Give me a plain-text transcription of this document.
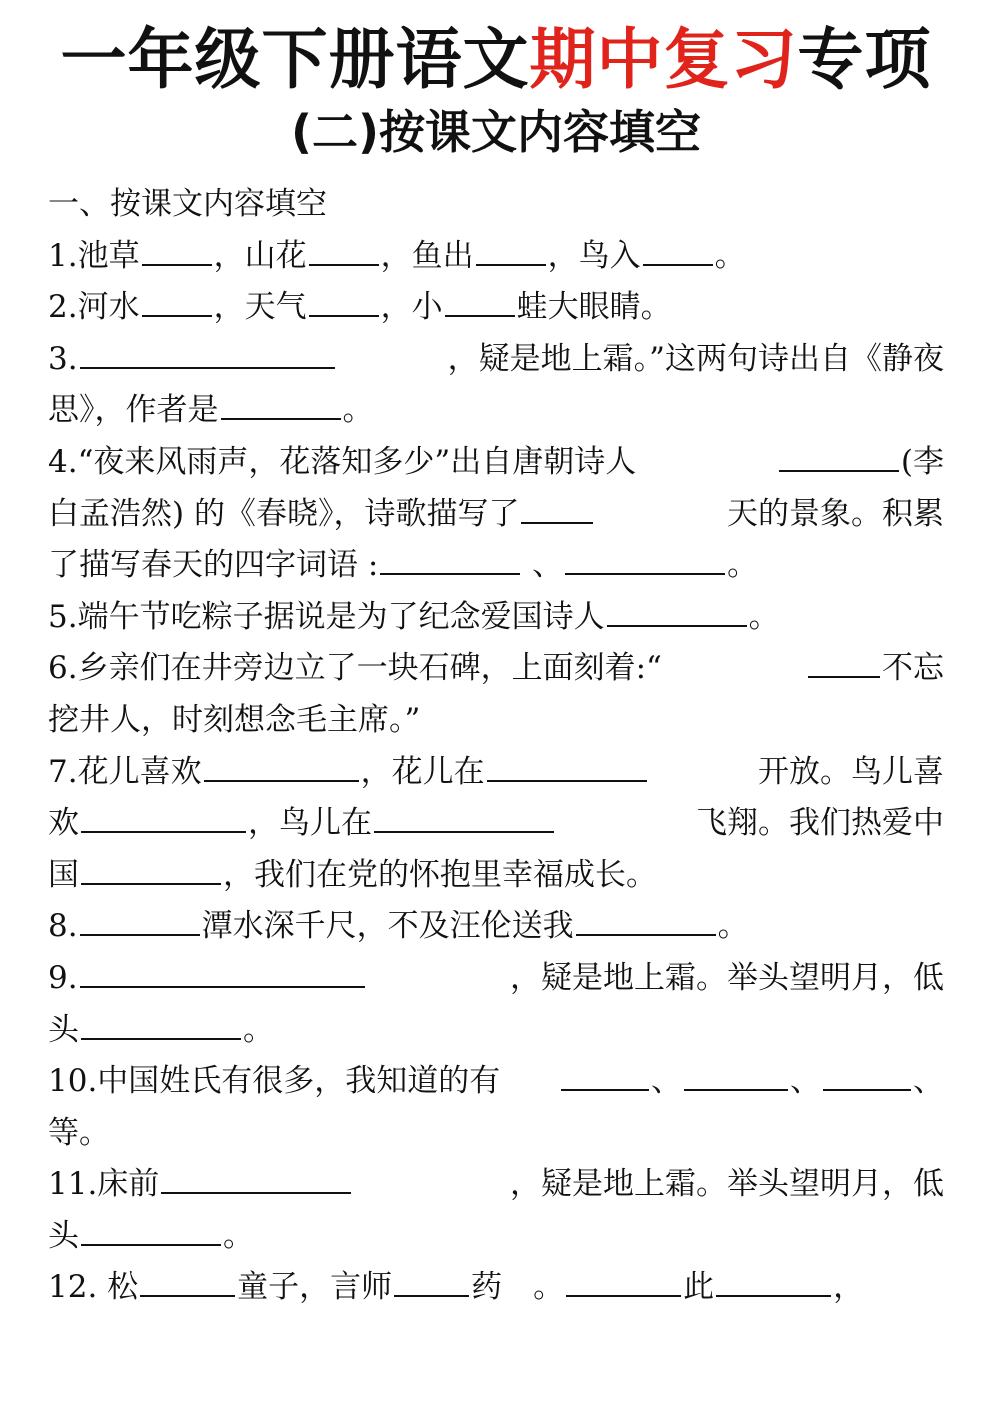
一年级下册语文期中复习专项
(二)按课文内容填空
一、按课文内容填空
1.池草 ，山花 ，鱼出 ，鸟入 。
2.河水 ，天气 ，小 蛙大眼睛。
3.	，疑是地上霜。”这两句诗出自《静夜
思》，作者是	。
4.“夜来风雨声，花落知多少”出自唐朝诗人	(李
白孟浩然) 的《春晓》，诗歌描写了	天的景象。积累
了描写春天的四字词语 :	、	。
5.端午节吃粽子据说是为了纪念爱国诗人	。
6.乡亲们在井旁边立了一块石碑，上面刻着:“	不忘
挖井人，时刻想念毛主席。”
7.花儿喜欢	，花儿在	开放。鸟儿喜
欢	，鸟儿在	飞翔。我们热爱中
国	，我们在党的怀抱里幸福成长。
8.	潭水深千尺，不及汪伦送我	。
9.	，疑是地上霜。举头望明月，低
头	。
10.中国姓氏有很多，我知道的有	、	、	、
等。
11.床前	，疑是地上霜。举头望明月，低
头	。
12. 松	童子，言师	药　。	此	，
